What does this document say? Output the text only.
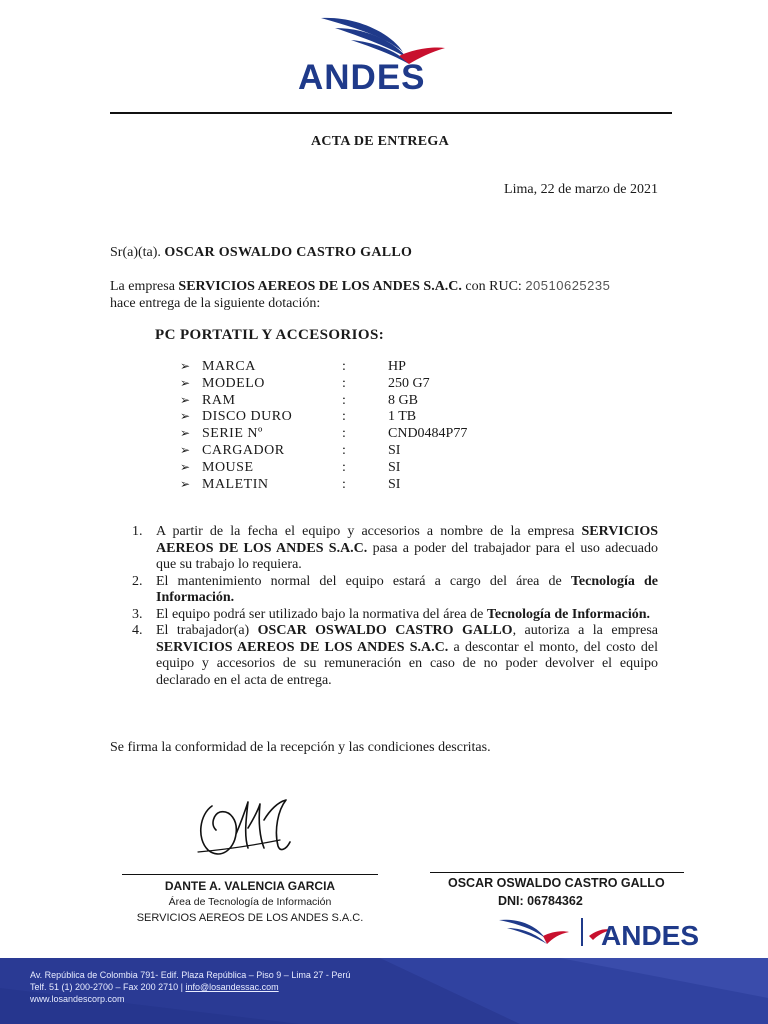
ANDES
ACTA DE ENTREGA
Lima, 22 de marzo de 2021
Sr(a)(ta). OSCAR OSWALDO CASTRO GALLO
La empresa SERVICIOS AEREOS DE LOS ANDES S.A.C. con RUC: 20510625235
hace entrega de la siguiente dotación:
PC PORTATIL Y ACCESORIOS:
➢ MARCA	:	HP
➢ MODELO	:	250 G7
➢ RAM	:	8 GB
➢ DISCO DURO	:	1 TB
➢ SERIE Nº	:	CND0484P77
➢ CARGADOR	:	SI
➢ MOUSE	:	SI
➢ MALETIN	:	SI
1. A partir de la fecha el equipo y accesorios a nombre de la empresa SERVICIOS AEREOS DE LOS ANDES S.A.C. pasa a poder del trabajador para el uso adecuado que su trabajo lo requiera.
2. El mantenimiento normal del equipo estará a cargo del área de Tecnología de Información.
3. El equipo podrá ser utilizado bajo la normativa del área de Tecnología de Información.
4. El trabajador(a) OSCAR OSWALDO CASTRO GALLO, autoriza a la empresa SERVICIOS AEREOS DE LOS ANDES S.A.C. a descontar el monto, del costo del equipo y accesorios de su remuneración en caso de no poder devolver el equipo declarado en el acta de entrega.
Se firma la conformidad de la recepción y las condiciones descritas.
DANTE A. VALENCIA GARCIA
Área de Tecnología de Información
SERVICIOS AEREOS DE LOS ANDES S.A.C.
OSCAR OSWALDO CASTRO GALLO
DNI: 06784362
ANDES
Av. República de Colombia 791- Edif. Plaza República – Piso 9 – Lima 27 - Perú
Telf. 51 (1) 200-2700 – Fax 200 2710 | info@losandessac.com
www.losandescorp.com
